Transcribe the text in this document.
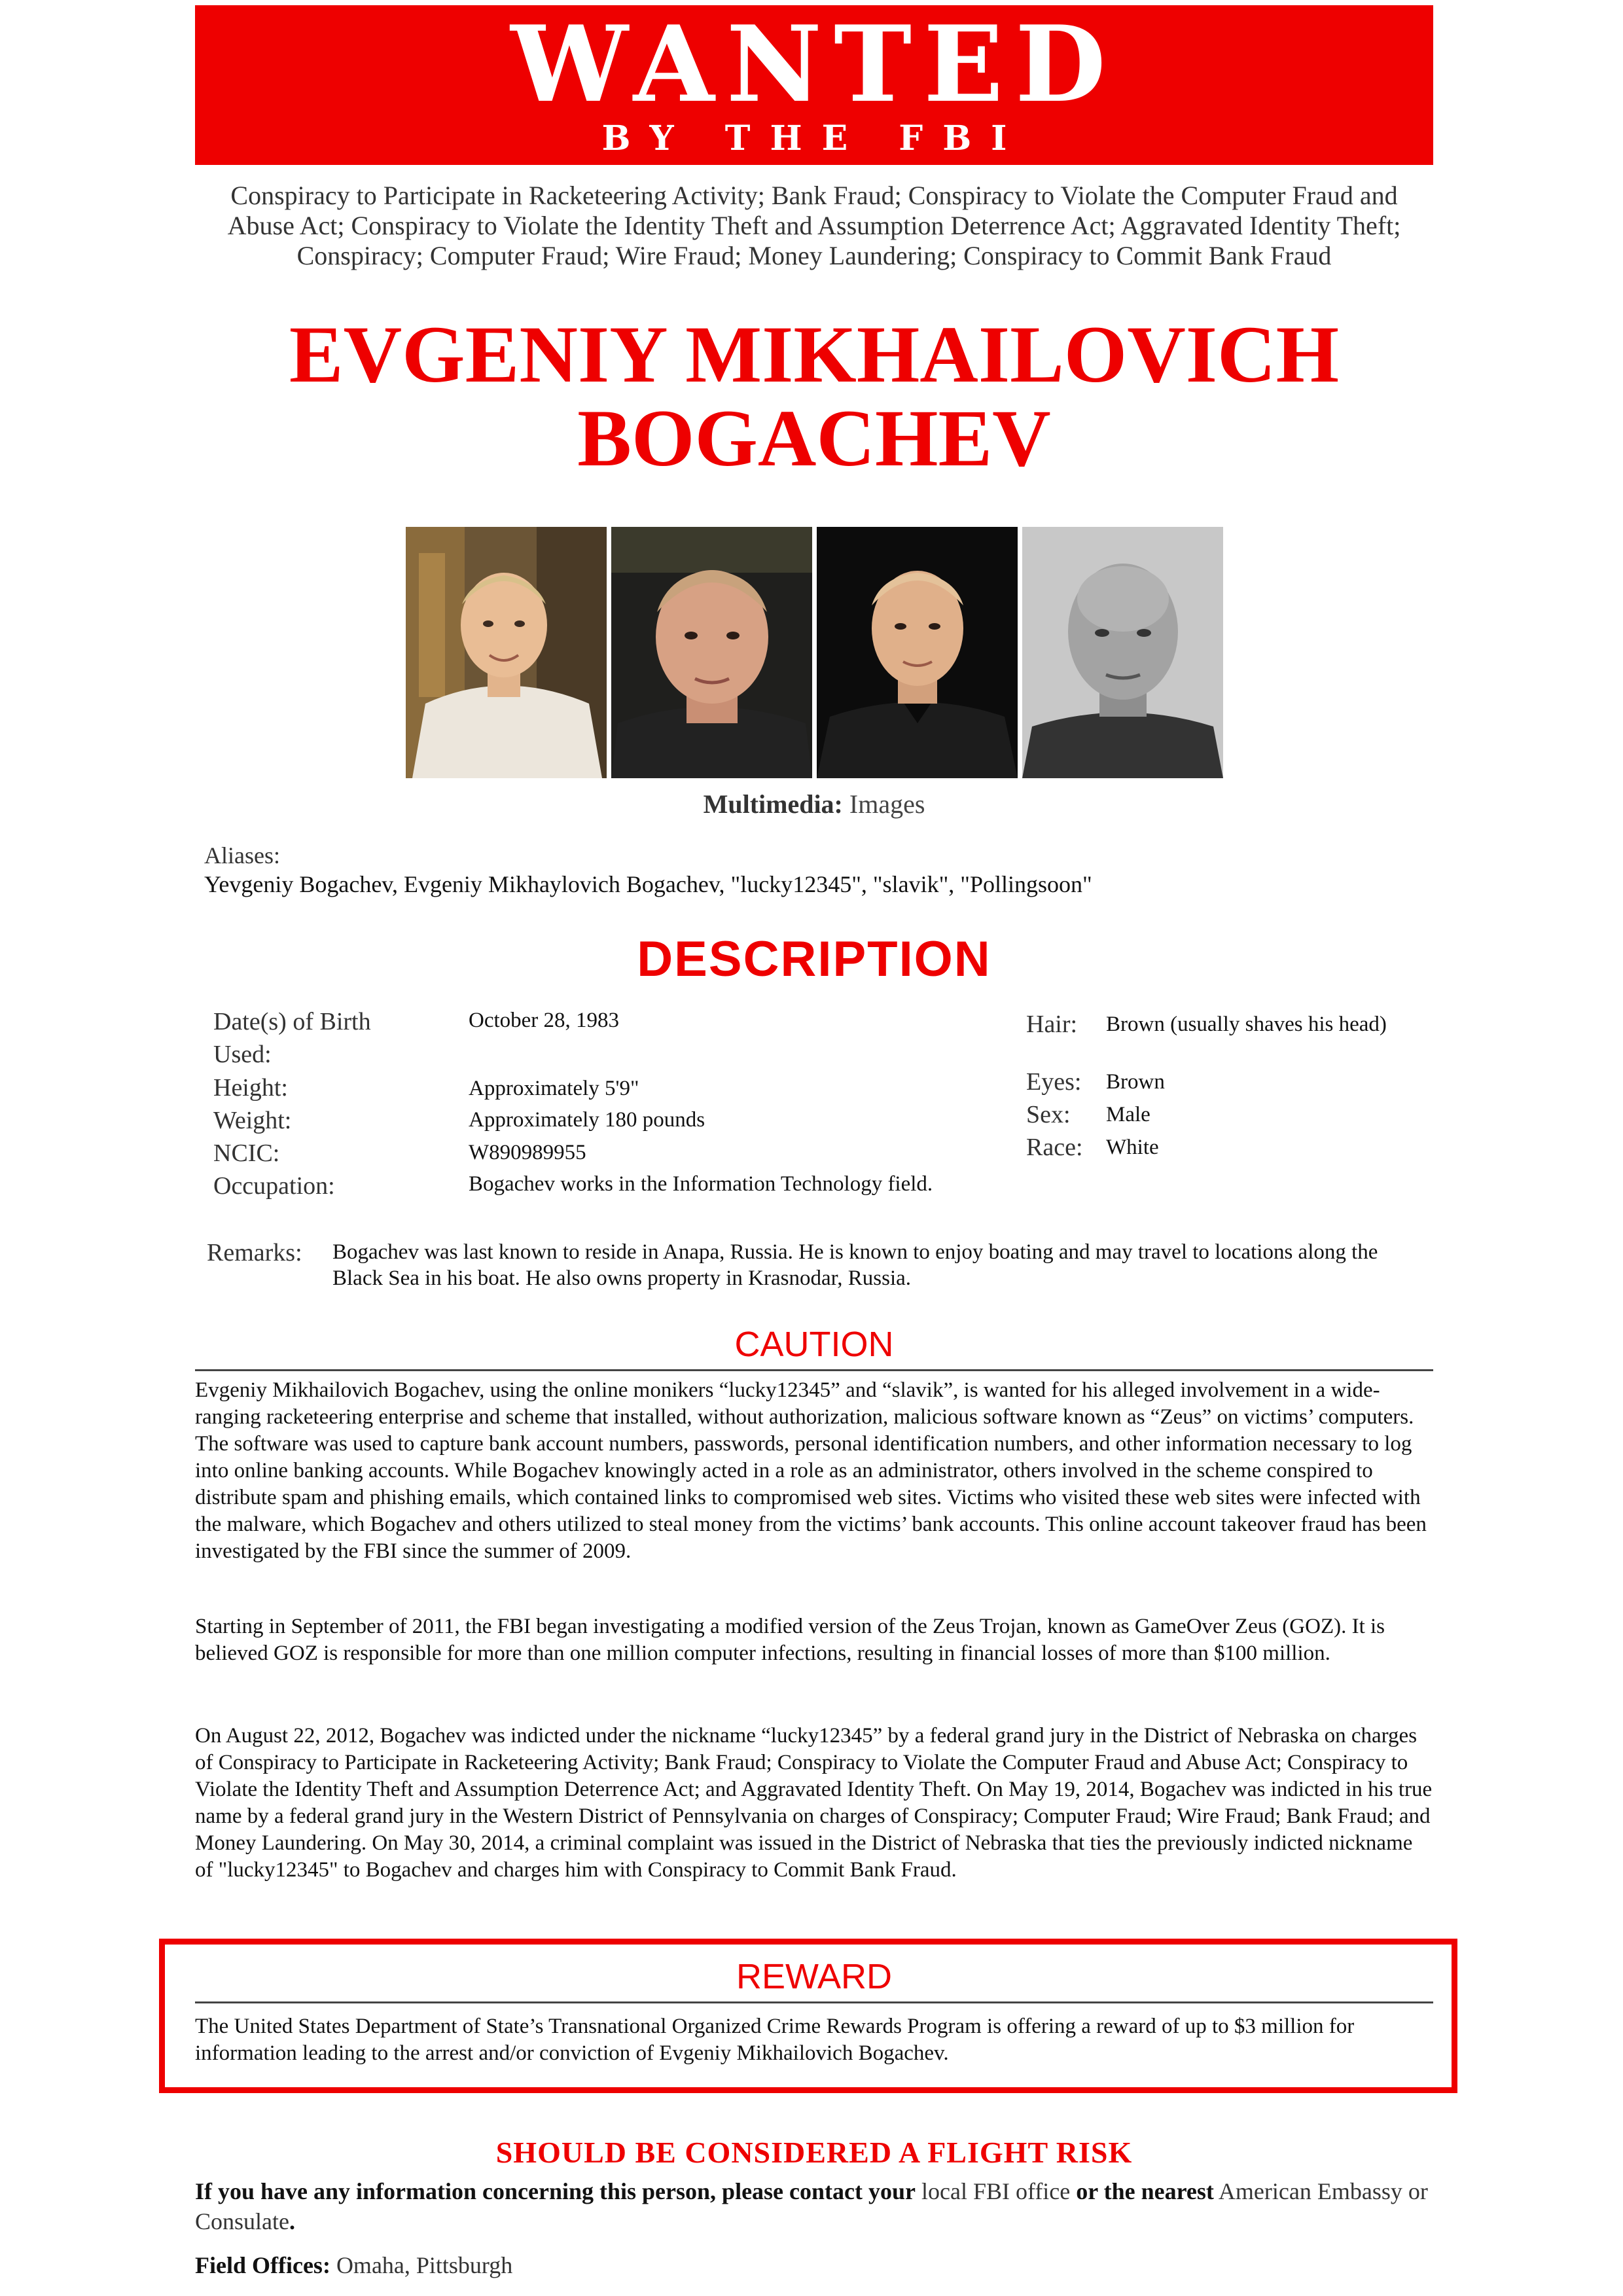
WANTED
BY THE FBI
Conspiracy to Participate in Racketeering Activity; Bank Fraud; Conspiracy to Violate the Computer Fraud and Abuse Act; Conspiracy to Violate the Identity Theft and Assumption Deterrence Act; Aggravated Identity Theft; Conspiracy; Computer Fraud; Wire Fraud; Money Laundering; Conspiracy to Commit Bank Fraud
EVGENIY MIKHAILOVICH
BOGACHEV
Multimedia: Images
Aliases:
Yevgeniy Bogachev, Evgeniy Mikhaylovich Bogachev, "lucky12345", "slavik", "Pollingsoon"
DESCRIPTION
Date(s) of Birth Used:
October 28, 1983
Height:	Approximately 5'9"
Weight:	Approximately 180 pounds
NCIC:	W890989955
Occupation:	Bogachev works in the Information Technology field.
Hair: Brown (usually shaves his head)
Eyes: Brown
Sex: Male
Race: White
Remarks:	Bogachev was last known to reside in Anapa, Russia. He is known to enjoy boating and may travel to locations along the Black Sea in his boat. He also owns property in Krasnodar, Russia.
CAUTION
Evgeniy Mikhailovich Bogachev, using the online monikers “lucky12345” and “slavik”, is wanted for his alleged involvement in a wide-ranging racketeering enterprise and scheme that installed, without authorization, malicious software known as “Zeus” on victims’ computers. The software was used to capture bank account numbers, passwords, personal identification numbers, and other information necessary to log into online banking accounts. While Bogachev knowingly acted in a role as an administrator, others involved in the scheme conspired to distribute spam and phishing emails, which contained links to compromised web sites. Victims who visited these web sites were infected with the malware, which Bogachev and others utilized to steal money from the victims’ bank accounts. This online account takeover fraud has been investigated by the FBI since the summer of 2009.
Starting in September of 2011, the FBI began investigating a modified version of the Zeus Trojan, known as GameOver Zeus (GOZ). It is believed GOZ is responsible for more than one million computer infections, resulting in financial losses of more than $100 million.
On August 22, 2012, Bogachev was indicted under the nickname “lucky12345” by a federal grand jury in the District of Nebraska on charges of Conspiracy to Participate in Racketeering Activity; Bank Fraud; Conspiracy to Violate the Computer Fraud and Abuse Act; Conspiracy to Violate the Identity Theft and Assumption Deterrence Act; and Aggravated Identity Theft. On May 19, 2014, Bogachev was indicted in his true name by a federal grand jury in the Western District of Pennsylvania on charges of Conspiracy; Computer Fraud; Wire Fraud; Bank Fraud; and Money Laundering. On May 30, 2014, a criminal complaint was issued in the District of Nebraska that ties the previously indicted nickname of "lucky12345" to Bogachev and charges him with Conspiracy to Commit Bank Fraud.
REWARD
The United States Department of State’s Transnational Organized Crime Rewards Program is offering a reward of up to $3 million for information leading to the arrest and/or conviction of Evgeniy Mikhailovich Bogachev.
SHOULD BE CONSIDERED A FLIGHT RISK
If you have any information concerning this person, please contact your local FBI office or the nearest American Embassy or Consulate.
Field Offices: Omaha, Pittsburgh
